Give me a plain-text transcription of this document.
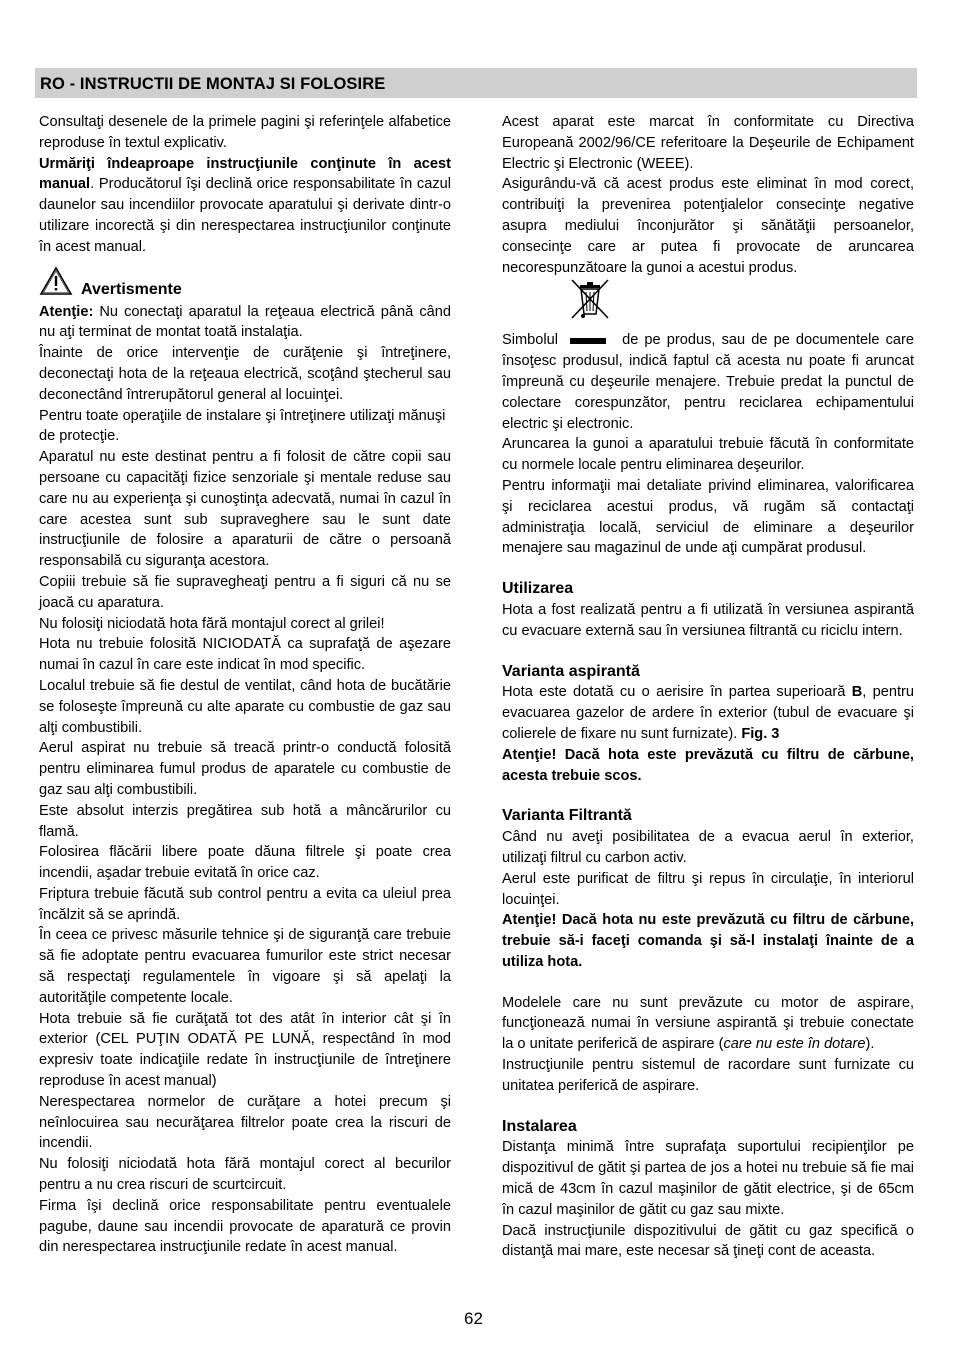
RO - INSTRUCTII DE MONTAJ SI FOLOSIRE

Consultaţi desenele de la primele pagini şi referinţele alfabetice reproduse în textul explicativ.

Urmăriţi îndeaproape instrucţiunile conţinute în acest manual. Producătorul îşi declină orice responsabilitate în cazul daunelor sau incendiilor provocate aparatului şi derivate dintr-o utilizare incorectă şi din nerespectarea instrucţiunilor conţinute în acest manual.

Avertismente

Atenţie: Nu conectaţi aparatul la reţeaua electrică până când nu aţi terminat de montat toată instalaţia.

Înainte de orice intervenţie de curăţenie şi întreţinere, deconectaţi hota de la reţeaua electrică, scoţând ştecherul sau deconectând întrerupătorul general al locuinţei.

Pentru toate operaţiile de instalare şi întreţinere utilizaţi mănuşi de protecţie.

Aparatul nu este destinat pentru a fi folosit de către copii sau persoane cu capacităţi fizice senzoriale şi mentale reduse sau care nu au experienţa şi cunoştinţa adecvată, numai în cazul în care acestea sunt sub supraveghere sau le sunt date instrucţiunile de folosire a aparaturii de către o persoană responsabilă cu siguranţa acestora.

Copiii trebuie să fie supravegheaţi pentru a fi siguri că nu se joacă cu aparatura.

Nu folosiţi niciodată hota fără montajul corect al grilei!

Hota nu trebuie folosită NICIODATĂ ca suprafaţă de aşezare numai în cazul în care este indicat în mod specific.

Localul trebuie să fie destul de ventilat, când hota de bucătărie se foloseşte împreună cu alte aparate cu combustie de gaz sau alţi combustibili.

Aerul aspirat nu trebuie să treacă printr-o conductă folosită pentru eliminarea fumul produs de aparatele cu combustie de gaz sau alţi combustibili.

Este absolut interzis pregătirea sub hotă a mâncărurilor cu flamă.

Folosirea flăcării libere poate dăuna filtrele şi poate crea incendii, aşadar trebuie evitată în orice caz.

Friptura trebuie făcută sub control pentru a evita ca uleiul prea încălzit să se aprindă.

În ceea ce privesc măsurile tehnice şi de siguranţă care trebuie să fie adoptate pentru evacuarea fumurilor este strict necesar să respectaţi regulamentele în vigoare şi să apelaţi la autorităţile competente locale.

Hota trebuie să fie curăţată tot des atât în interior cât şi în exterior (CEL PUŢIN ODATĂ PE LUNĂ, respectând în mod expresiv toate indicaţiile redate în instrucţiunile de întreţinere reproduse în acest manual)

Nerespectarea normelor de curăţare a hotei precum şi neînlocuirea sau necurăţarea filtrelor poate crea la riscuri de incendii.

Nu folosiţi niciodată hota fără montajul corect al becurilor pentru a nu crea riscuri de scurtcircuit.

Firma îşi declină orice responsabilitate pentru eventualele pagube, daune sau incendii provocate de aparatură ce provin din nerespectarea instrucţiunile redate în acest manual.

Acest aparat este marcat în conformitate cu Directiva Europeană 2002/96/CE referitoare la Deşeurile de Echipament Electric şi Electronic (WEEE).

Asigurându-vă că acest produs este eliminat în mod corect, contribuiţi la prevenirea potenţialelor consecinţe negative asupra mediului înconjurător şi sănătăţii persoanelor, consecinţe care ar putea fi provocate de aruncarea necorespunzătoare la gunoi a acestui produs.

Simbolul	de pe produs, sau de pe documentele care însoţesc produsul, indică faptul că acesta nu poate fi aruncat împreună cu deşeurile menajere. Trebuie predat la punctul de colectare corespunzător, pentru reciclarea echipamentului electric şi electronic.

Aruncarea la gunoi a aparatului trebuie făcută în conformitate cu normele locale pentru eliminarea deşeurilor.

Pentru informaţii mai detaliate privind eliminarea, valorificarea şi reciclarea acestui produs, vă rugăm să contactaţi administraţia locală, serviciul de eliminare a deşeurilor menajere sau magazinul de unde aţi cumpărat produsul.

Utilizarea

Hota a fost realizată pentru a fi utilizată în versiunea aspirantă cu evacuare externă sau în versiunea filtrantă cu riciclu intern.

Varianta aspirantă

Hota este dotată cu o aerisire în partea superioară B, pentru evacuarea gazelor de ardere în exterior (tubul de evacuare şi colierele de fixare nu sunt furnizate). Fig. 3

Atenţie! Dacă hota este prevăzută cu filtru de cărbune, acesta trebuie scos.

Varianta Filtrantă

Când nu aveţi posibilitatea de a evacua aerul în exterior, utilizaţi filtrul cu carbon activ.

Aerul este purificat de filtru şi repus în circulaţie, în interiorul locuinţei.

Atenţie! Dacă hota nu este prevăzută cu filtru de cărbune, trebuie să-i faceţi comanda şi să-l instalaţi înainte de a utiliza hota.

Modelele care nu sunt prevăzute cu motor de aspirare, funcţionează numai în versiune aspirantă şi trebuie conectate la o unitate periferică de aspirare (care nu este în dotare).

Instrucţiunile pentru sistemul de racordare sunt furnizate cu unitatea periferică de aspirare.

Instalarea

Distanţa minimă între suprafaţa suportului recipienţilor pe dispozitivul de gătit şi partea de jos a hotei nu trebuie să fie mai mică de 43cm în cazul maşinilor de gătit electrice, şi de 65cm în cazul maşinilor de gătit cu gaz sau mixte.

Dacă instrucţiunile dispozitivului de gătit cu gaz specifică o distanţă mai mare, este necesar să ţineţi cont de aceasta.

62
